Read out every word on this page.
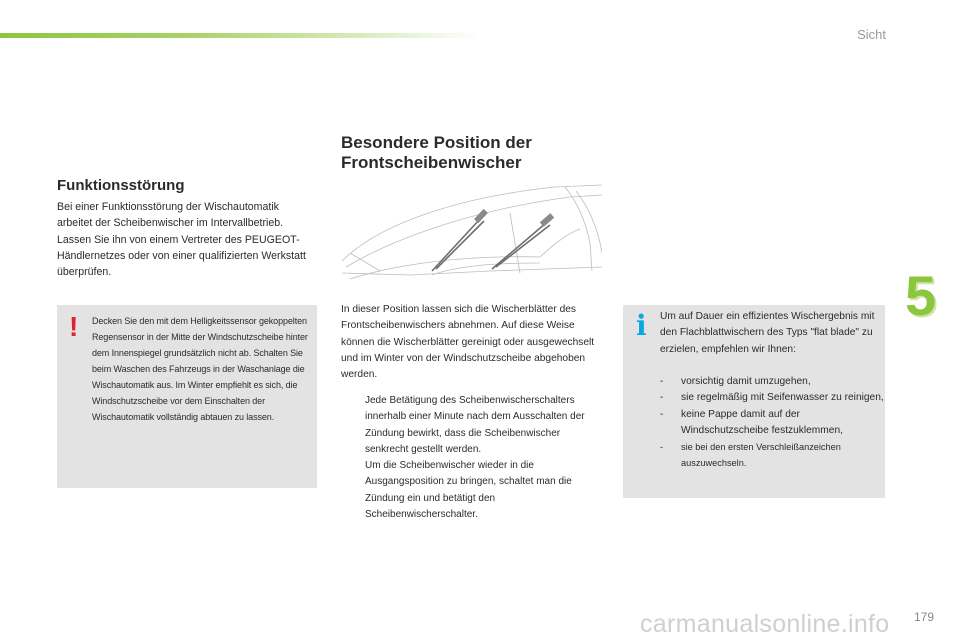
Sicht
5
Funktionsstörung

Bei einer Funktionsstörung der Wischautomatik arbeitet der Scheibenwischer im Intervallbetrieb. Lassen Sie ihn von einem Vertreter des PEUGEOT-Händlernetzes oder von einer qualifizierten Werkstatt überprüfen.

! Decken Sie den mit dem Helligkeitssensor gekoppelten Regensensor in der Mitte der Windschutzscheibe hinter dem Innenspiegel grundsätzlich nicht ab. Schalten Sie beim Waschen des Fahrzeugs in der Waschanlage die Wischautomatik aus. Im Winter empfiehlt es sich, die Windschutzscheibe vor dem Einschalten der Wischautomatik vollständig abtauen zu lassen.

Besondere Position der
Frontscheibenwischer

In dieser Position lassen sich die Wischerblätter des Frontscheibenwischers abnehmen. Auf diese Weise können die Wischerblätter gereinigt oder ausgewechselt und im Winter von der Windschutzscheibe abgehoben werden.

Jede Betätigung des Scheibenwischerschalters innerhalb einer Minute nach dem Ausschalten der Zündung bewirkt, dass die Scheibenwischer senkrecht gestellt werden.
Um die Scheibenwischer wieder in die Ausgangsposition zu bringen, schaltet man die Zündung ein und betätigt den Scheibenwischerschalter.
i Um auf Dauer ein effizientes Wischergebnis mit den Flachblattwischern des Typs "flat blade" zu erzielen, empfehlen wir Ihnen:

- vorsichtig damit umzugehen,
- sie regelmäßig mit Seifenwasser zu reinigen,
- keine Pappe damit auf der Windschutzscheibe festzuklemmen,
- sie bei den ersten Verschleißanzeichen auszuwechseln.
carmanualsonline.info 179
